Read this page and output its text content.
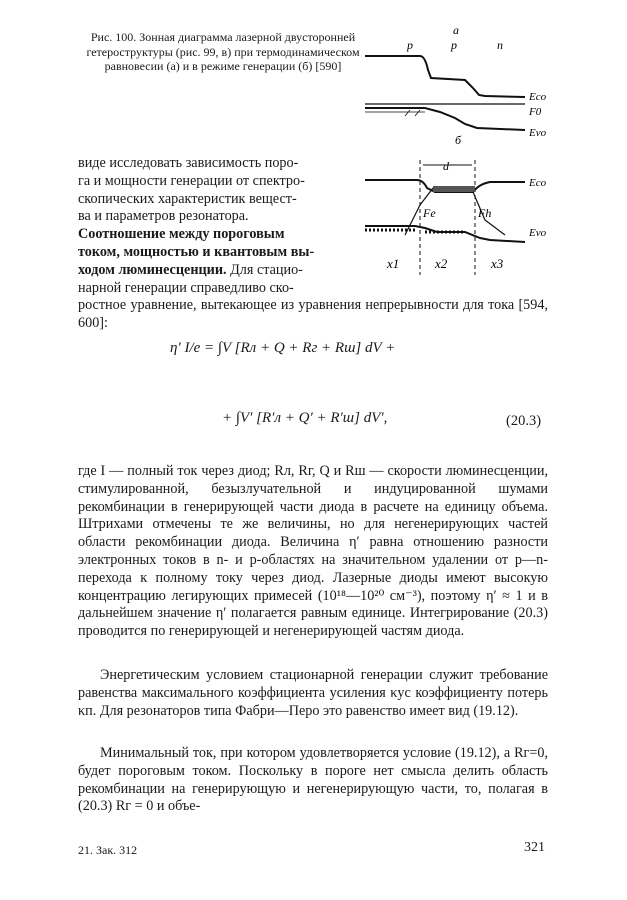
Рис. 100. Зонная диаграмма лазерной двусторонней гетероструктуры (рис. 99, в) при термодинамическом равновесии (а) и в режиме генерации (б) [590]
a
p	p	n
Eco
F0
Evo
б
d
Eco
Fe	Fh
Evo
x1	x2	x3

виде исследовать зависимость поро-

га и мощности генерации от спектро-

скопических характеристик вещест-

ва и параметров резонатора.

Соотношение между пороговым

током, мощностью и квантовым вы-

ходом люминесценции. Для стацио-

нарной генерации справедливо ско-

ростное уравнение, вытекающее из уравнения непрерывности для тока [594, 600]:

η′ I/e = ∫V [Rл + Q + Rг + Rш] dV +
+ ∫V′ [R′л + Q′ + R′ш] dV′,	(20.3)

где I — полный ток через диод; Rл, Rг, Q и Rш — скорости люминесценции, стимулированной, безызлучательной и индуцированной шумами рекомбинации в генерирующей части диода в расчете на единицу объема. Штрихами отмечены те же величины, но для негенерирующих частей области рекомбинации диода. Величина η′ равна отношению разности электронных токов в n- и p-областях на значительном удалении от p—n-перехода к полному току через диод. Лазерные диоды имеют высокую концентрацию легирующих примесей (10¹⁸—10²⁰ см⁻³), поэтому η′ ≈ 1 и в дальнейшем значение η′ полагается равным единице. Интегрирование (20.3) проводится по генерирующей и негенерирующей частям диода.

Энергетическим условием стационарной генерации служит требование равенства максимального коэффициента усиления κус коэффициенту потерь κп. Для резонаторов типа Фабри—Перо это равенство имеет вид (19.12).

Минимальный ток, при котором удовлетворяется условие (19.12), а Rг=0, будет пороговым током. Поскольку в пороге нет смысла делить область рекомбинации на генерирующую и негенерирующую части, то, полагая в (20.3) Rг = 0 и объе-

21. Зак. 312	321
